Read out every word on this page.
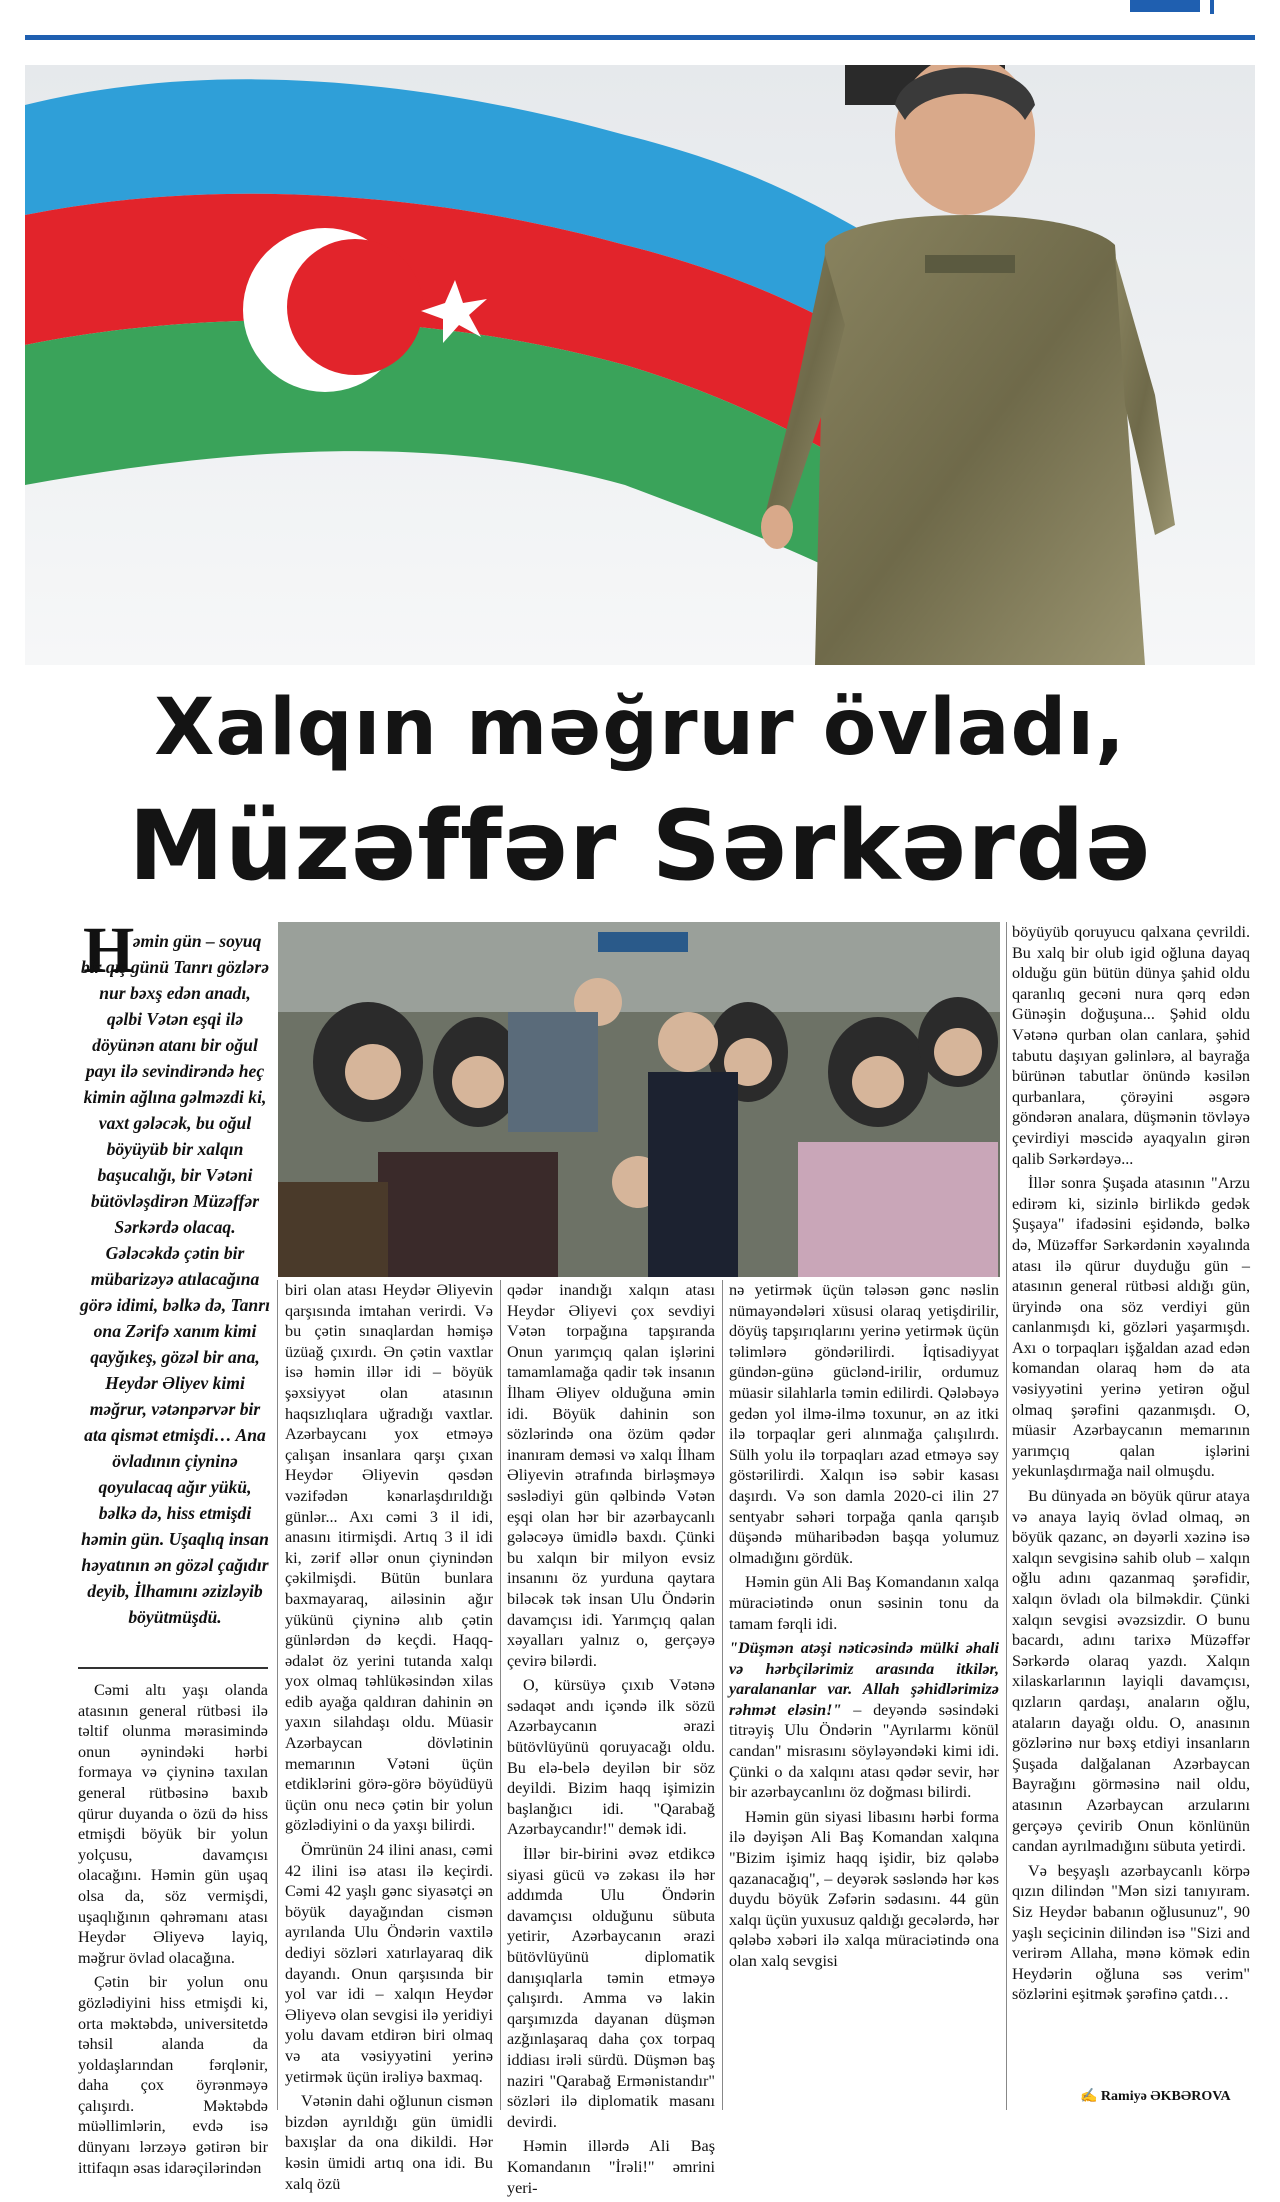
Xalqın məğrur övladı,
Müzəffər Sərkərdə
H
əmin gün – soyuq bir qış günü Tanrı gözlərə nur bəxş edən anadı, qəlbi Vətən eşqi ilə döyünən atanı bir oğul payı ilə sevindirəndə heç kimin ağlına gəlməzdi ki, vaxt gələcək, bu oğul böyüyüb bir xalqın başucalığı, bir Vətəni bütövləşdirən Müzəffər Sərkərdə olacaq. Gələcəkdə çətin bir mübarizəyə atılacağına görə idimi, bəlkə də, Tanrı ona Zərifə xanım kimi qayğıkeş, gözəl bir ana, Heydər Əliyev kimi məğrur, vətənpərvər bir ata qismət etmişdi… Ana övladının çiyninə qoyulacaq ağır yükü, bəlkə də, hiss etmişdi həmin gün. Uşaqlıq insan həyatının ən gözəl çağıdır deyib, İlhamını əzizləyib böyütmüşdü.

Cəmi altı yaşı olanda atasının general rütbəsi ilə təltif olunma mərasimində onun əynindəki hərbi formaya və çiyninə taxılan general rütbəsinə baxıb qürur duyanda o özü də hiss etmişdi böyük bir yolun yolçusu, davamçısı olacağını. Həmin gün uşaq olsa da, söz vermişdi, uşaqlığının qəhrəmanı atası Heydər Əliyevə layiq, məğrur övlad olacağına.

Çətin bir yolun onu gözlədiyini hiss etmişdi ki, orta məktəbdə, universitetdə təhsil alanda da yoldaşlarından fərqlənir, daha çox öyrənməyə çalışırdı. Məktəbdə müəllimlərin, evdə isə dünyanı lərzəyə gətirən bir ittifaqın əsas idarəçilərindən

biri olan atası Heydər Əliyevin qarşısında imtahan verirdi. Və bu çətin sınaqlardan həmişə üzüağ çıxırdı. Ən çətin vaxtlar isə həmin illər idi – böyük şəxsiyyət olan atasının haqsızlıqlara uğradığı vaxtlar. Azərbaycanı yox etməyə çalışan insanlara qarşı çıxan Heydər Əliyevin qəsdən vəzifədən kənarlaşdırıldığı günlər... Axı cəmi 3 il idi, anasını itirmişdi. Artıq 3 il idi ki, zərif əllər onun çiynindən çəkilmişdi. Bütün bunlara baxmayaraq, ailəsinin ağır yükünü çiyninə alıb çətin günlərdən də keçdi. Haqq-ədalət öz yerini tutanda xalqı yox olmaq təhlükəsindən xilas edib ayağa qaldıran dahinin ən yaxın silahdaşı oldu. Müasir Azərbaycan dövlətinin memarının Vətəni üçün etdiklərini görə-görə böyüdüyü üçün onu necə çətin bir yolun gözlədiyini o da yaxşı bilirdi.

Ömrünün 24 ilini anası, cəmi 42 ilini isə atası ilə keçirdi. Cəmi 42 yaşlı gənc siyasətçi ən böyük dayağından cismən ayrılanda Ulu Öndərin vaxtilə dediyi sözləri xatırlayaraq dik dayandı. Onun qarşısında bir yol var idi – xalqın Heydər Əliyevə olan sevgisi ilə yeridiyi yolu davam etdirən biri olmaq və ata vəsiyyətini yerinə yetirmək üçün irəliyə baxmaq.

Vətənin dahi oğlunun cismən bizdən ayrıldığı gün ümidli baxışlar da ona dikildi. Hər kəsin ümidi artıq ona idi. Bu xalq özü

qədər inandığı xalqın atası Heydər Əliyevi çox sevdiyi Vətən torpağına tapşıranda Onun yarımçıq qalan işlərini tamamlamağa qadir tək insanın İlham Əliyev olduğuna əmin idi. Böyük dahinin son sözlərində ona özüm qədər inanıram deməsi və xalqı İlham Əliyevin ətrafında birləşməyə səslədiyi gün qəlbində Vətən eşqi olan hər bir azərbaycanlı gələcəyə ümidlə baxdı. Çünki bu xalqın bir milyon evsiz insanını öz yurduna qaytara biləcək tək insan Ulu Öndərin davamçısı idi. Yarımçıq qalan xəyalları yalnız o, gerçəyə çevirə bilərdi.

O, kürsüyə çıxıb Vətənə sədaqət andı içəndə ilk sözü Azərbaycanın ərazi bütövlüyünü qoruyacağı oldu. Bu elə-belə deyilən bir söz deyildi. Bizim haqq işimizin başlanğıcı idi. "Qarabağ Azərbaycandır!" demək idi.

İllər bir-birini əvəz etdikcə siyasi gücü və zəkası ilə hər addımda Ulu Öndərin davamçısı olduğunu sübuta yetirir, Azərbaycanın ərazi bütövlüyünü diplomatik danışıqlarla təmin etməyə çalışırdı. Amma və lakin qarşımızda dayanan düşmən azğınlaşaraq daha çox torpaq iddiası irəli sürdü. Düşmən baş naziri "Qarabağ Ermənistandır" sözləri ilə diplomatik masanı devirdi.

Həmin illərdə Ali Baş Komandanın "İrəli!" əmrini yeri-

nə yetirmək üçün tələsən gənc nəslin nümayəndələri xüsusi olaraq yetişdirilir, döyüş tapşırıqlarını yerinə yetirmək üçün təlimlərə göndərilirdi. İqtisadiyyat gündən-günə güclənd-irilir, ordumuz müasir silahlarla təmin edilirdi. Qələbəyə gedən yol ilmə-ilmə toxunur, ən az itki ilə torpaqlar geri alınmağa çalışılırdı. Sülh yolu ilə torpaqları azad etməyə səy göstərilirdi. Xalqın isə səbir kasası daşırdı. Və son damla 2020-ci ilin 27 sentyabr səhəri torpağa qanla qarışıb düşəndə müharibədən başqa yolumuz olmadığını gördük.

Həmin gün Ali Baş Komandanın xalqa müraciətində onun səsinin tonu da tamam fərqli idi.

"Düşmən atəşi nəticəsində mülki əhali və hərbçilərimiz arasında itkilər, yaralananlar var. Allah şəhidlərimizə rəhmət eləsin!" – deyəndə səsindəki titrəyiş Ulu Öndərin "Ayrılarmı könül candan" misrasını söyləyəndəki kimi idi. Çünki o da xalqını atası qədər sevir, hər bir azərbaycanlını öz doğması bilirdi.

Həmin gün siyasi libasını hərbi forma ilə dəyişən Ali Baş Komandan xalqına "Bizim işimiz haqq işidir, biz qələbə qazanacağıq", – deyərək səsləndə hər kəs duydu böyük Zəfərin sədasını. 44 gün xalqı üçün yuxusuz qaldığı gecələrdə, hər qələbə xəbəri ilə xalqa müraciətində ona olan xalq sevgisi

böyüyüb qoruyucu qalxana çevrildi. Bu xalq bir olub igid oğluna dayaq olduğu gün bütün dünya şahid oldu qaranlıq gecəni nura qərq edən Günəşin doğuşuna... Şəhid oldu Vətənə qurban olan canlara, şəhid tabutu daşıyan gəlinlərə, al bayrağa bürünən tabutlar önündə kəsilən qurbanlara, çörəyini əsgərə göndərən analara, düşmənin tövləyə çevirdiyi məscidə ayaqyalın girən qalib Sərkərdəyə...

İllər sonra Şuşada atasının "Arzu edirəm ki, sizinlə birlikdə gedək Şuşaya" ifadəsini eşidəndə, bəlkə də, Müzəffər Sərkərdənin xəyalında atası ilə qürur duyduğu gün – atasının general rütbəsi aldığı gün, üryində ona söz verdiyi gün canlanmışdı ki, gözləri yaşarmışdı. Axı o torpaqları işğaldan azad edən komandan olaraq həm də ata vəsiyyətini yerinə yetirən oğul olmaq şərəfini qazanmışdı. O, müasir Azərbaycanın memarının yarımçıq qalan işlərini yekunlaşdırmağa nail olmuşdu.

Bu dünyada ən böyük qürur ataya və anaya layiq övlad olmaq, ən böyük qazanc, ən dəyərli xəzinə isə xalqın sevgisinə sahib olub – xalqın oğlu adını qazanmaq şərəfidir, xalqın övladı ola bilməkdir. Çünki xalqın sevgisi əvəzsizdir. O bunu bacardı, adını tarixə Müzəffər Sərkərdə olaraq yazdı. Xalqın xilaskarlarının layiqli davamçısı, qızların qardaşı, anaların oğlu, ataların dayağı oldu. O, anasının gözlərinə nur bəxş etdiyi insanların Şuşada dalğalanan Azərbaycan Bayrağını görməsinə nail oldu, atasının Azərbaycan arzularını gerçəyə çevirib Onun könlünün candan ayrılmadığını sübuta yetirdi.

Və beşyaşlı azərbaycanlı körpə qızın dilindən "Mən sizi tanıyıram. Siz Heydər babanın oğlusunuz", 90 yaşlı seçicinin dilindən isə "Sizi and verirəm Allaha, mənə kömək edin Heydərin oğluna səs verim" sözlərini eşitmək şərəfinə çatdı…

✍ Ramiyə ƏKBƏROVA
